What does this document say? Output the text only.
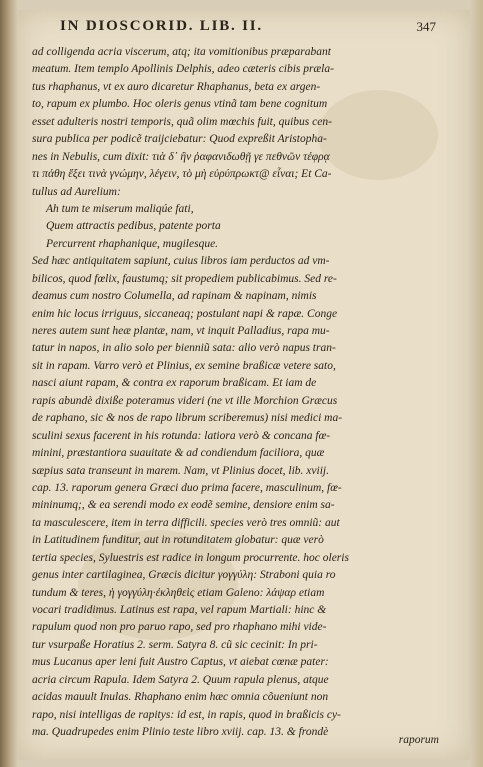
IN DIOSCORID. LIB. II.	347
ad colligenda acria viscerum, atq; ita vomitionibus præparabant
meatum. Item templo Apollinis Delphis, adeo cæteris cibis præla-
tus rhaphanus, vt ex auro dicaretur Rhaphanus, beta ex argen-
to, rapum ex plumbo. Hoc oleris genus vtinã tam bene cognitum
esset adulteris nostri temporis, quã olim mœchis fuit, quibus cen-
sura publica per podicẽ traijciebatur: Quod expreßit Aristopha-
nes in Nebulis, cum dixit: τιὰ δ᾽ ἢν ῥαφανιδωθῇ γε πεθνῶν τέφρᾳ
τι πάθη ἕξει τινὰ γνώμην, λέγειν, τὸ μὴ εὐρύπρωκτ@ εἶναι; Et Ca-
tullus ad Aurelium:
Ah tum te miserum maliqúe fati,
Quem attractis pedibus, patente porta
Percurrent rhaphanique, mugilesque.
Sed hæc antiquitatem sapiunt, cuius libros iam perductos ad vm-
bilicos, quod fœlix, faustumq; sit propediem publicabimus. Sed re-
deamus cum nostro Columella, ad rapinam & napinam, nimis
enim hic locus irriguus, siccaneaq; postulant napi & rapæ. Conge
neres autem sunt heæ plantæ, nam, vt inquit Palladius, rapa mu-
tatur in napos, in alio solo per bienniũ sata: alio verò napus tran-
sit in rapam. Varro verò et Plinius, ex semine braßicæ vetere sato,
nasci aiunt rapam, & contra ex raporum braßicam. Et iam de
rapis abundè dixiße poteramus videri (ne vt ille Morchion Græcus
de raphano, sic & nos de rapo librum scriberemus) nisi medici ma-
sculini sexus facerent in his rotunda: latiora verò & concana fœ-
minini, præstantiora suauitate & ad condiendum faciliora, quæ
sæpius sata transeunt in marem. Nam, vt Plinius docet, lib. xviij.
cap. 13. raporum genera Græci duo prima facere, masculinum, fœ-
mininumq;, & ea serendi modo ex eodẽ semine, densiore enim sa-
ta masculescere, item in terra difficili. species verò tres omniũ: aut
in Latitudinem funditur, aut in rotunditatem globatur: quæ verò
tertia species, Syluestris est radice in longum procurrente. hoc oleris
genus inter cartilaginea, Græcis dicitur γογγύλη: Straboni quia ro
tundum & teres, ἡ γογγύλη·ἐκληθεὶς etiam Galeno: λάψαρ etiam
vocari tradidimus. Latinus est rapa, vel rapum Martiali: hinc &
rapulum quod non pro paruo rapo, sed pro rhaphano mihi vide-
tur vsurpaße Horatius 2. serm. Satyra 8. cũ sic cecinit: In pri-
mus Lucanus aper leni fuit Austro Captus, vt aiebat cœnæ pater:
acria circum Rapula. Idem Satyra 2. Quum rapula plenus, atque
acidas mauult Inulas. Rhaphano enim hæc omnia cõueniunt non
rapo, nisi intelligas de rapitys: id est, in rapis, quod in braßicis cy-
ma. Quadrupedes enim Plinio teste libro xviij. cap. 13. & frondè
raporum
